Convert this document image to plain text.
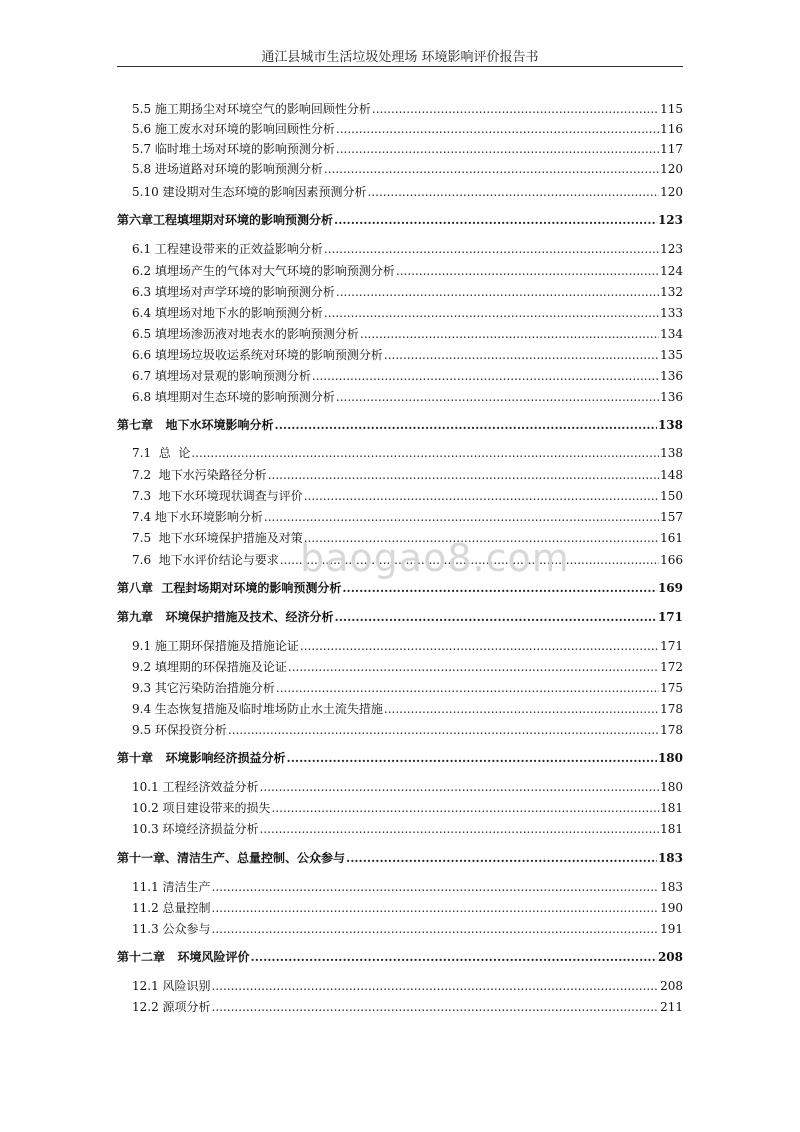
通江县城市生活垃圾处理场 环境影响评价报告书
5.5 施工期扬尘对环境空气的影响回顾性分析 .....	115
5.6 施工废水对环境的影响回顾性分析 .....	116
5.7 临时堆土场对环境的影响预测分析 .....	117
5.8 进场道路对环境的影响预测分析 .....	120
5.10 建设期对生态环境的影响因素预测分析 .....	120
第六章工程填埋期对环境的影响预测分析 .....	123
6.1 工程建设带来的正效益影响分析 .....	123
6.2 填埋场产生的气体对大气环境的影响预测分析 .....	124
6.3 填埋场对声学环境的影响预测分析 .....	132
6.4 填埋场对地下水的影响预测分析 .....	133
6.5 填埋场渗沥液对地表水的影响预测分析 .....	134
6.6 填埋场垃圾收运系统对环境的影响预测分析 .....	135
6.7 填埋场对景观的影响预测分析 .....	136
6.8 填埋期对生态环境的影响预测分析 .....	136
第七章   地下水环境影响分析 .....	138
7.1  总  论 .....	138
7.2  地下水污染路径分析 .....	148
7.3  地下水环境现状调查与评价 .....	150
7.4 地下水环境影响分析 .....	157
7.5  地下水环境保护措施及对策 .....	161
7.6  地下水评价结论与要求 .....	166
第八章  工程封场期对环境的影响预测分析 .....	169
第九章   环境保护措施及技术、经济分析 .....	171
9.1 施工期环保措施及措施论证 .....	171
9.2 填埋期的环保措施及论证 .....	172
9.3 其它污染防治措施分析 .....	175
9.4 生态恢复措施及临时堆场防止水土流失措施 .....	178
9.5 环保投资分析 .....	178
第十章   环境影响经济损益分析 .....	180
10.1 工程经济效益分析 .....	180
10.2 项目建设带来的损失 .....	181
10.3 环境经济损益分析 .....	181
第十一章、清洁生产、总量控制、公众参与 .....	183
11.1 清洁生产 .....	183
11.2 总量控制 .....	190
11.3 公众参与 .....	191
第十二章   环境风险评价 .....	208
12.1 风险识别 .....	208
12.2 源项分析 .....	211
baogao8.com
